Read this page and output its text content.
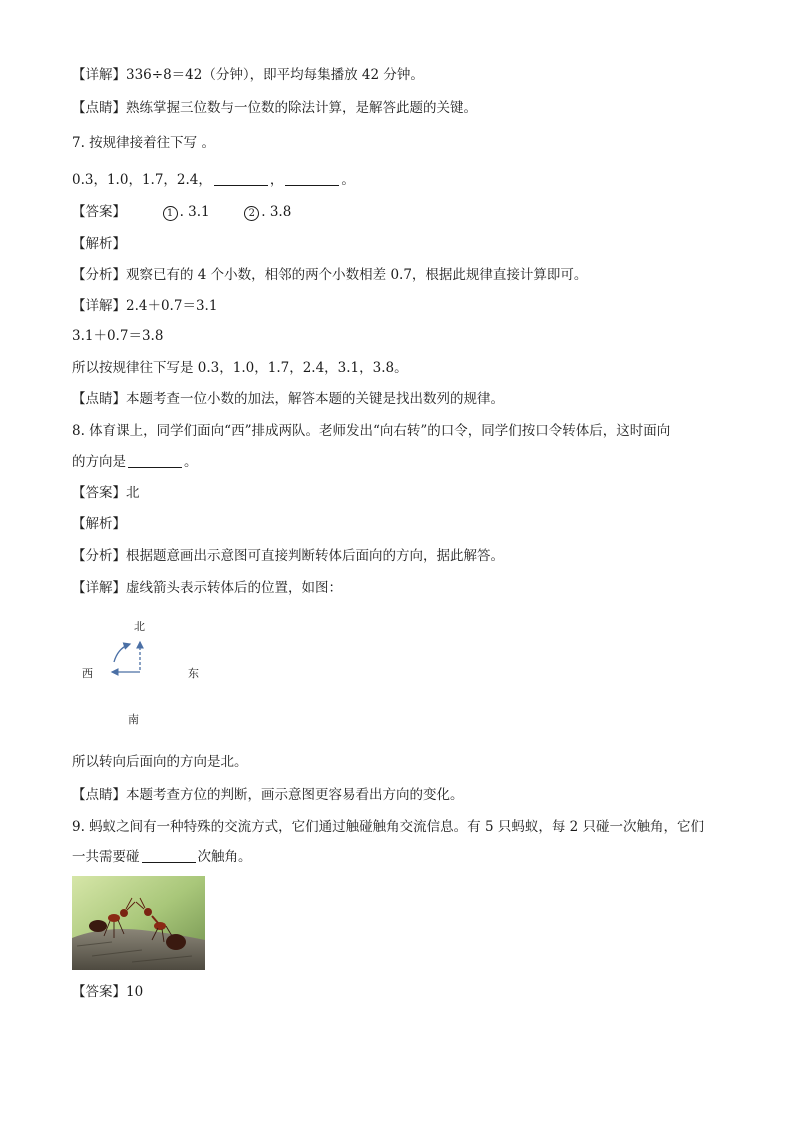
【详解】336÷8＝42（分钟），即平均每集播放 42 分钟。
【点睛】熟练掌握三位数与一位数的除法计算，是解答此题的关键。
7. 按规律接着往下写 。
0.3，1.0，1.7，2.4，	，	。
【答案】	1 . 3.1	2 . 3.8
【解析】
【分析】观察已有的 4 个小数，相邻的两个小数相差 0.7，根据此规律直接计算即可。
【详解】2.4＋0.7＝3.1
3.1＋0.7＝3.8
所以按规律往下写是 0.3，1.0，1.7，2.4，3.1，3.8。
【点睛】本题考查一位小数的加法，解答本题的关键是找出数列的规律。
8. 体育课上，同学们面向“西”排成两队。老师发出“向右转”的口令，同学们按口令转体后，这时面向
的方向是	。
【答案】北
【解析】
【分析】根据题意画出示意图可直接判断转体后面向的方向，据此解答。
【详解】虚线箭头表示转体后的位置，如图：
北
西	东
南
所以转向后面向的方向是北。
【点睛】本题考查方位的判断，画示意图更容易看出方向的变化。
9. 蚂蚁之间有一种特殊的交流方式，它们通过触碰触角交流信息。有 5 只蚂蚁，每 2 只碰一次触角，它们
一共需要碰	次触角。
【答案】10
